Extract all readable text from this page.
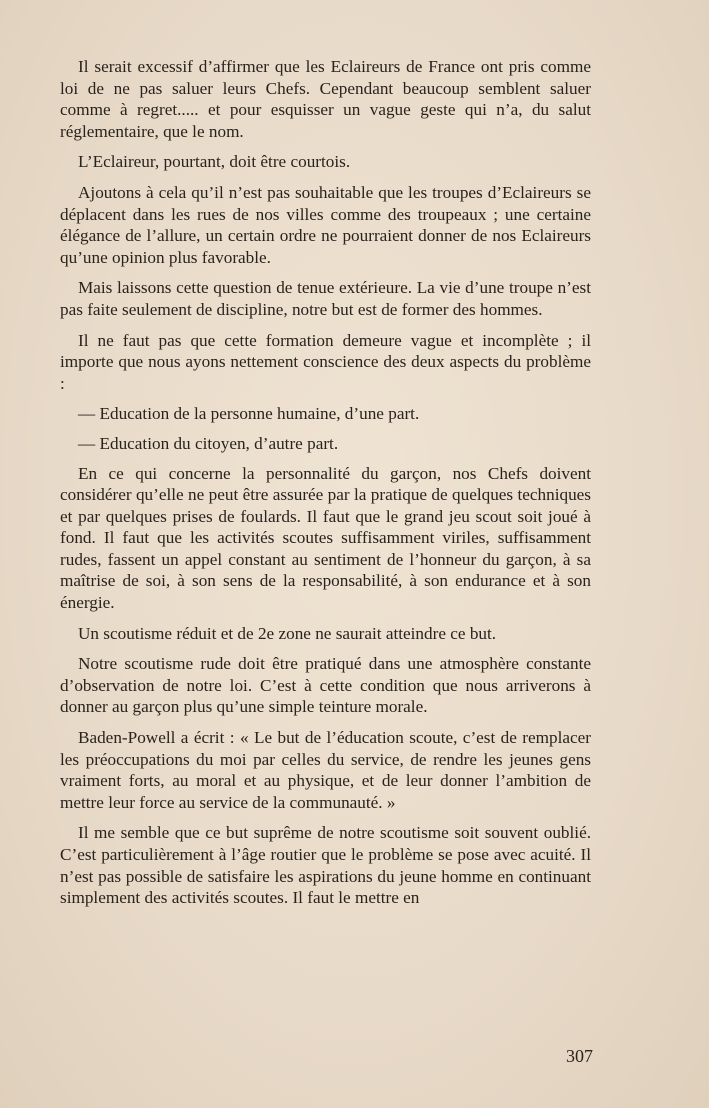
Il serait excessif d’affirmer que les Eclaireurs de France ont pris comme loi de ne pas saluer leurs Chefs. Cependant beaucoup semblent saluer comme à regret..... et pour esquisser un vague geste qui n’a, du salut réglementaire, que le nom.

L’Eclaireur, pourtant, doit être courtois.

Ajoutons à cela qu’il n’est pas souhaitable que les troupes d’Eclaireurs se déplacent dans les rues de nos villes comme des troupeaux ; une certaine élégance de l’allure, un certain ordre ne pourraient donner de nos Eclaireurs qu’une opinion plus favorable.

Mais laissons cette question de tenue extérieure. La vie d’une troupe n’est pas faite seulement de discipline, notre but est de former des hommes.

Il ne faut pas que cette formation demeure vague et incomplète ; il importe que nous ayons nettement conscience des deux aspects du problème :

— Education de la personne humaine, d’une part.

— Education du citoyen, d’autre part.

En ce qui concerne la personnalité du garçon, nos Chefs doivent considérer qu’elle ne peut être assurée par la pratique de quelques techniques et par quelques prises de foulards. Il faut que le grand jeu scout soit joué à fond. Il faut que les activités scoutes suffisamment viriles, suffisamment rudes, fassent un appel constant au sentiment de l’honneur du garçon, à sa maîtrise de soi, à son sens de la responsabilité, à son endurance et à son énergie.

Un scoutisme réduit et de 2e zone ne saurait atteindre ce but.

Notre scoutisme rude doit être pratiqué dans une atmosphère constante d’observation de notre loi. C’est à cette condition que nous arriverons à donner au garçon plus qu’une simple teinture morale.

Baden-Powell a écrit : « Le but de l’éducation scoute, c’est de remplacer les préoccupations du moi par celles du service, de rendre les jeunes gens vraiment forts, au moral et au physique, et de leur donner l’ambition de mettre leur force au service de la communauté. »

Il me semble que ce but suprême de notre scoutisme soit souvent oublié. C’est particulièrement à l’âge routier que le problème se pose avec acuité. Il n’est pas possible de satisfaire les aspirations du jeune homme en continuant simplement des activités scoutes. Il faut le mettre en

307
